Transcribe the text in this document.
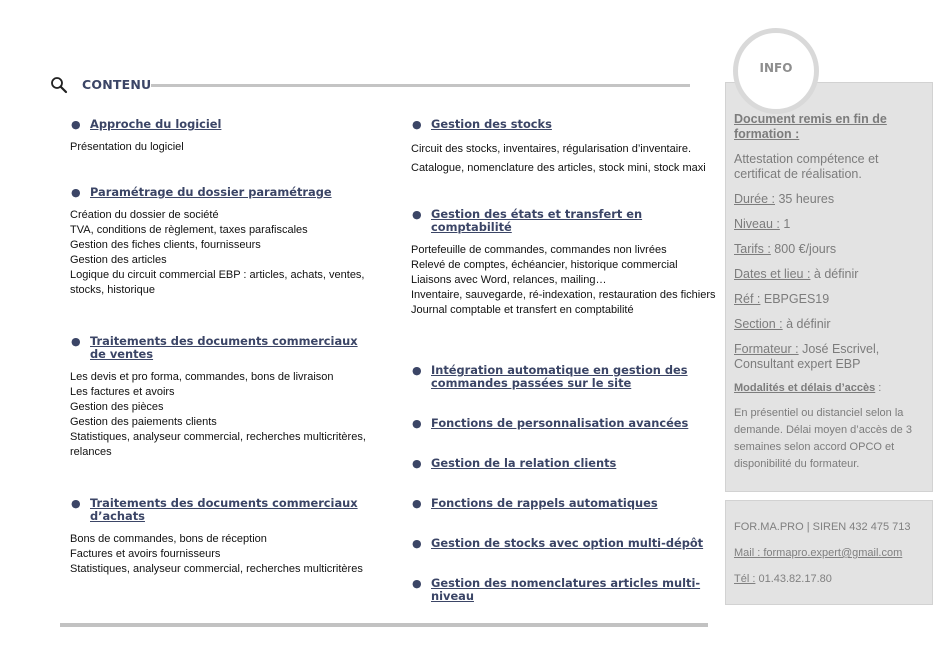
CONTENU
● Approche du logiciel
Présentation du logiciel
● Paramétrage du dossier paramétrage
Création du dossier de société
TVA, conditions de règlement, taxes parafiscales
Gestion des fiches clients, fournisseurs
Gestion des articles
Logique du circuit commercial EBP : articles, achats, ventes, stocks, historique
● Traitements des documents commerciaux de ventes
Les devis et pro forma, commandes, bons de livraison
Les factures et avoirs
Gestion des pièces
Gestion des paiements clients
Statistiques, analyseur commercial, recherches multicritères, relances
● Traitements des documents commerciaux d’achats
Bons de commandes, bons de réception
Factures et avoirs fournisseurs
Statistiques, analyseur commercial, recherches multicritères
● Gestion des stocks
Circuit des stocks, inventaires, régularisation d’inventaire.
Catalogue, nomenclature des articles, stock mini, stock maxi
● Gestion des états et transfert en comptabilité
Portefeuille de commandes, commandes non livrées
Relevé de comptes, échéancier, historique commercial
Liaisons avec Word, relances, mailing…
Inventaire, sauvegarde, ré-indexation, restauration des fichiers
Journal comptable et transfert en comptabilité
● Intégration automatique en gestion des commandes passées sur le site
● Fonctions de personnalisation avancées
● Gestion de la relation clients
● Fonctions de rappels automatiques
● Gestion de stocks avec option multi-dépôt
● Gestion des nomenclatures articles multi-niveau
INFO
Document remis en fin de formation :

Attestation compétence et certificat de réalisation.

Durée : 35 heures

Niveau : 1

Tarifs : 800 €/jours

Dates et lieu : à définir

Réf : EBPGES19

Section : à définir

Formateur : José Escrivel, Consultant expert EBP

Modalités et délais d’accès :

En présentiel ou distanciel selon la demande. Délai moyen d’accès de 3 semaines selon accord OPCO et disponibilité du formateur.

FOR.MA.PRO | SIREN 432 475 713
Mail : formapro.expert@gmail.com
Tél : 01.43.82.17.80
